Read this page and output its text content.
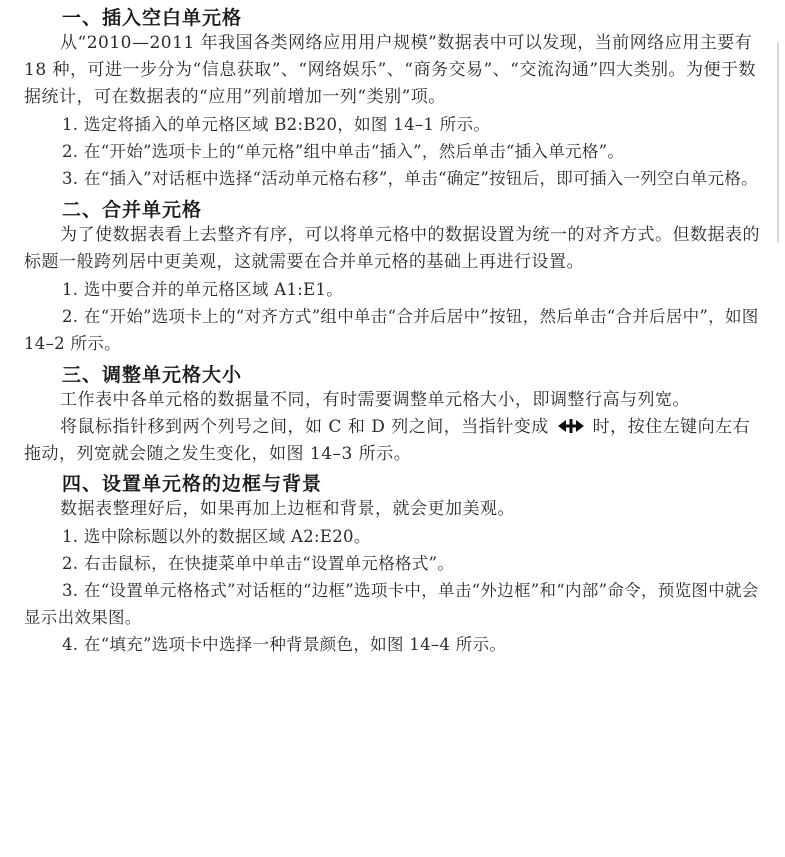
一、插入空白单元格

从“2010—2011 年我国各类网络应用用户规模”数据表中可以发现，当前网络应用主要有 18 种，可进一步分为“信息获取”、“网络娱乐”、“商务交易”、“交流沟通”四大类别。为便于数据统计，可在数据表的“应用”列前增加一列“类别”项。

1. 选定将插入的单元格区域 B2:B20，如图 14–1 所示。

2. 在“开始”选项卡上的“单元格”组中单击“插入”，然后单击“插入单元格”。

3. 在“插入”对话框中选择“活动单元格右移”，单击“确定”按钮后，即可插入一列空白单元格。

二、合并单元格

为了使数据表看上去整齐有序，可以将单元格中的数据设置为统一的对齐方式。但数据表的标题一般跨列居中更美观，这就需要在合并单元格的基础上再进行设置。

1. 选中要合并的单元格区域 A1:E1。

2. 在“开始”选项卡上的“对齐方式”组中单击“合并后居中”按钮，然后单击“合并后居中”，如图 14–2 所示。

三、调整单元格大小

工作表中各单元格的数据量不同，有时需要调整单元格大小，即调整行高与列宽。

将鼠标指针移到两个列号之间，如 C 和 D 列之间，当指针变成	时，按住左键向左右拖动，列宽就会随之发生变化，如图 14–3 所示。

四、设置单元格的边框与背景

数据表整理好后，如果再加上边框和背景，就会更加美观。

1. 选中除标题以外的数据区域 A2:E20。

2. 右击鼠标，在快捷菜单中单击“设置单元格格式”。

3. 在“设置单元格格式”对话框的“边框”选项卡中，单击“外边框”和“内部”命令，预览图中就会显示出效果图。

4. 在“填充”选项卡中选择一种背景颜色，如图 14–4 所示。
